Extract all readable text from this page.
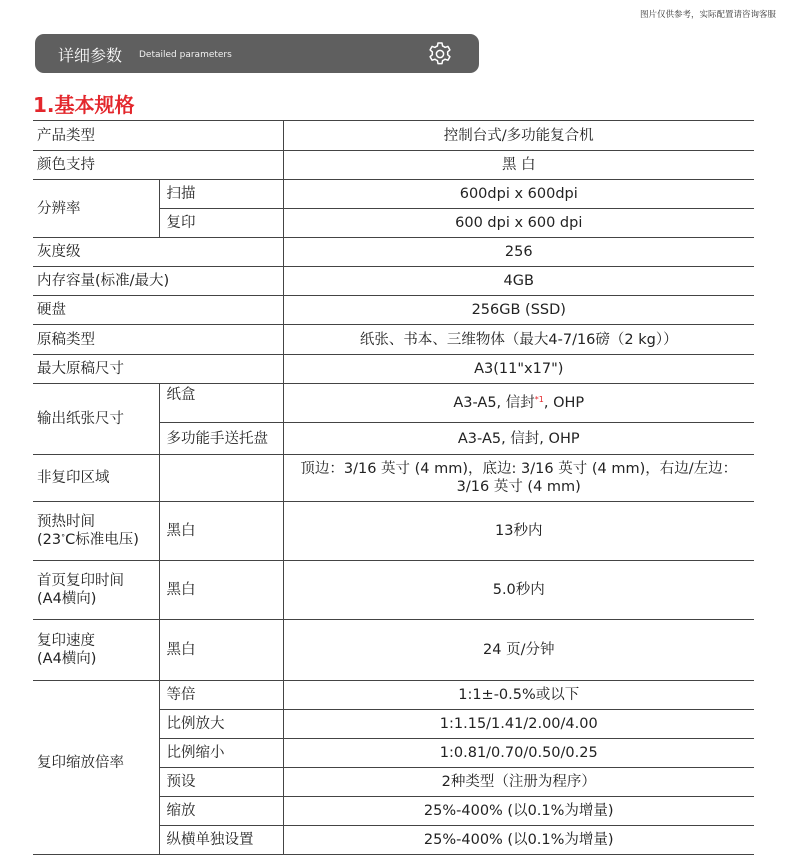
图片仅供参考，实际配置请咨询客服
详细参数 Detailed parameters
1.基本规格
产品类型		控制台式/多功能复合机
颜色支持		黑 白
分辨率	扫描	600dpi x 600dpi
	复印	600 dpi x 600 dpi
灰度级		256
内存容量(标准/最大)		4GB
硬盘		256GB (SSD)
原稿类型		纸张、书本、三维物体（最大4-7/16磅（2 kg））
最大原稿尺寸		A3(11"x17")
输出纸张尺寸	纸盒	A3-A5, 信封$^{*1}$, OHP
	多功能手送托盘	A3-A5, 信封, OHP
非复印区域		顶边：3/16 英寸 (4 mm)，底边: 3/16 英寸 (4 mm)，右边/左边：3/16 英寸 (4 mm)

预热时间
(23°C标准电压)	黑白	13秒内

首页复印时间
(A4横向)	黑白	5.0秒内

复印速度
(A4横向)	黑白	24 页/分钟
复印缩放倍率	等倍	1:1±-0.5%或以下
	比例放大	1:1.15/1.41/2.00/4.00
	比例缩小	1:0.81/0.70/0.50/0.25
	预设	2种类型（注册为程序）
	缩放	25%-400% (以0.1%为增量)
	纵横单独设置	25%-400% (以0.1%为增量)
